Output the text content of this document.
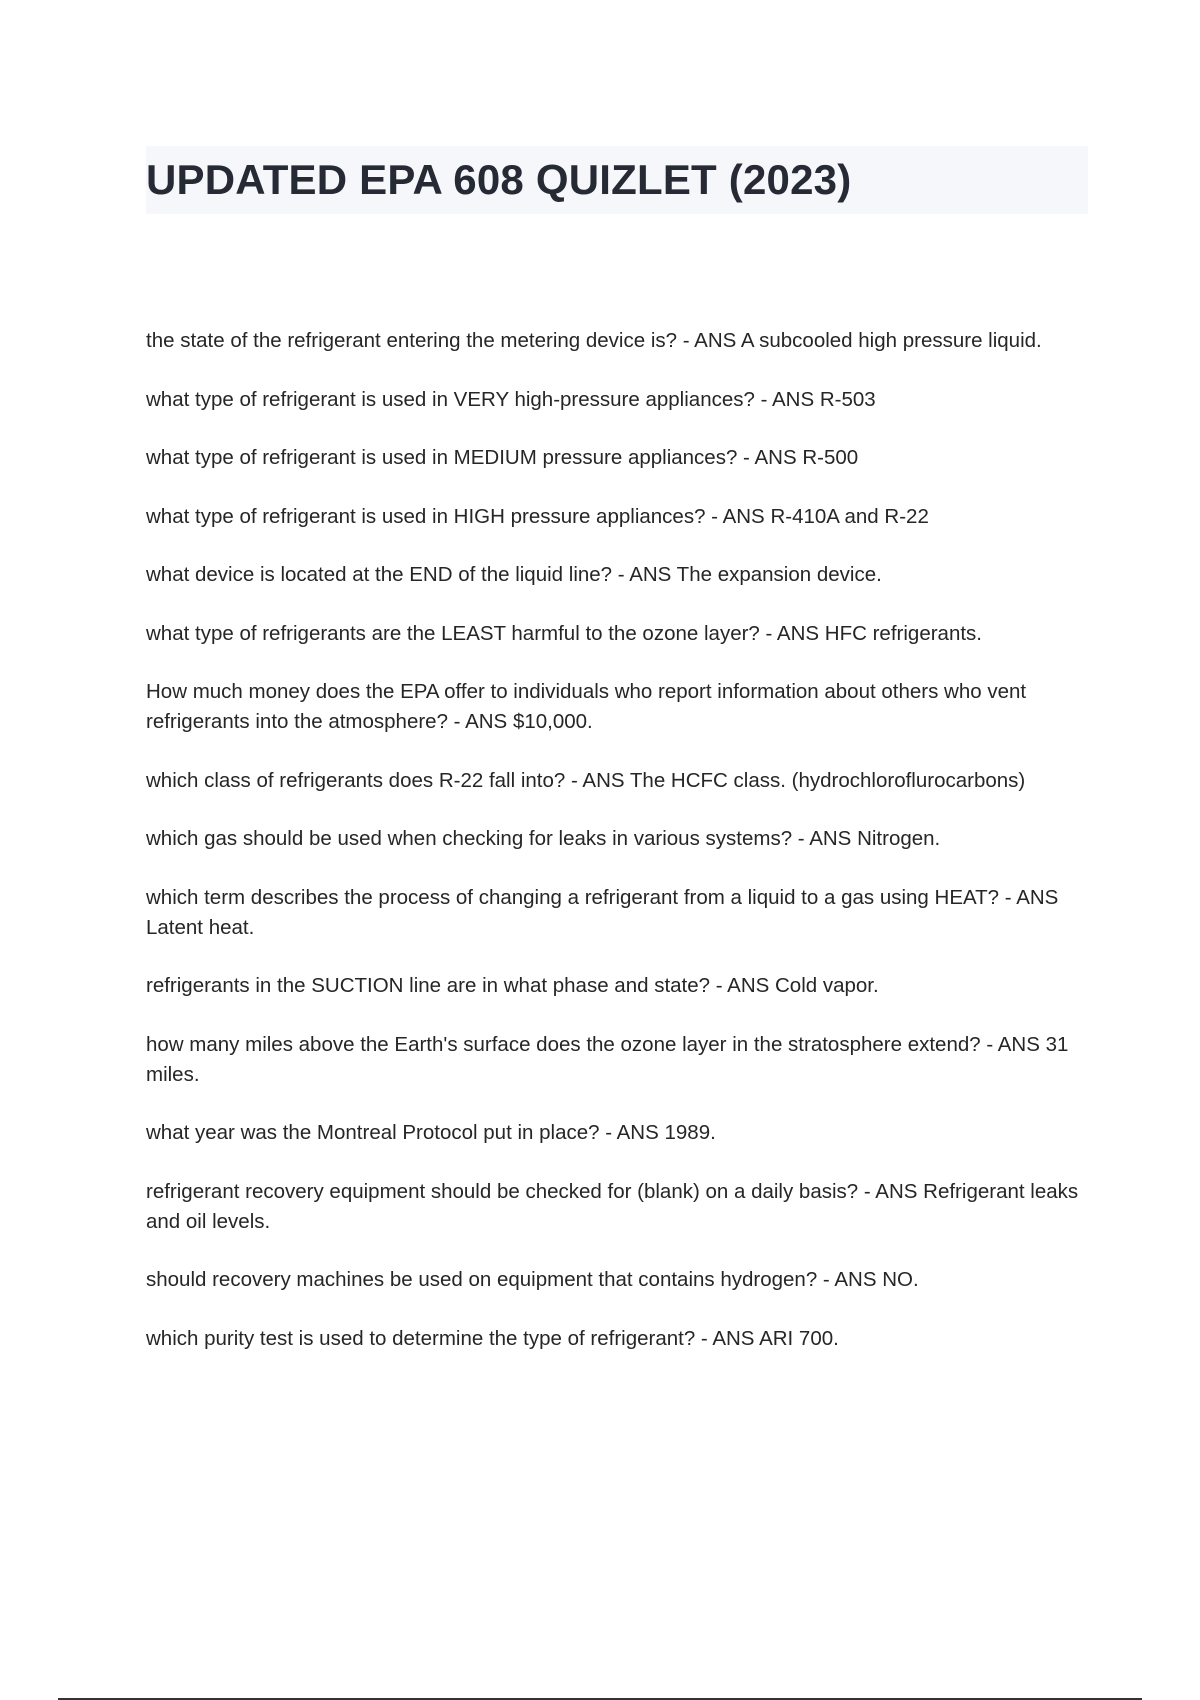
UPDATED EPA 608 QUIZLET (2023)
the state of the refrigerant entering the metering device is? - ANS A subcooled high pressure liquid.
what type of refrigerant is used in VERY high-pressure appliances? - ANS R-503
what type of refrigerant is used in MEDIUM pressure appliances? - ANS R-500
what type of refrigerant is used in HIGH pressure appliances? - ANS R-410A and R-22
what device is located at the END of the liquid line? - ANS The expansion device.
what type of refrigerants are the LEAST harmful to the ozone layer? - ANS HFC refrigerants.
How much money does the EPA offer to individuals who report information about others who vent refrigerants into the atmosphere? - ANS $10,000.
which class of refrigerants does R-22 fall into? - ANS The HCFC class. (hydrochloroflurocarbons)
which gas should be used when checking for leaks in various systems? - ANS Nitrogen.
which term describes the process of changing a refrigerant from a liquid to a gas using HEAT? - ANS Latent heat.
refrigerants in the SUCTION line are in what phase and state? - ANS Cold vapor.
how many miles above the Earth's surface does the ozone layer in the stratosphere extend? - ANS 31 miles.
what year was the Montreal Protocol put in place? - ANS 1989.
refrigerant recovery equipment should be checked for (blank) on a daily basis? - ANS Refrigerant leaks and oil levels.
should recovery machines be used on equipment that contains hydrogen? - ANS NO.
which purity test is used to determine the type of refrigerant? - ANS ARI 700.
